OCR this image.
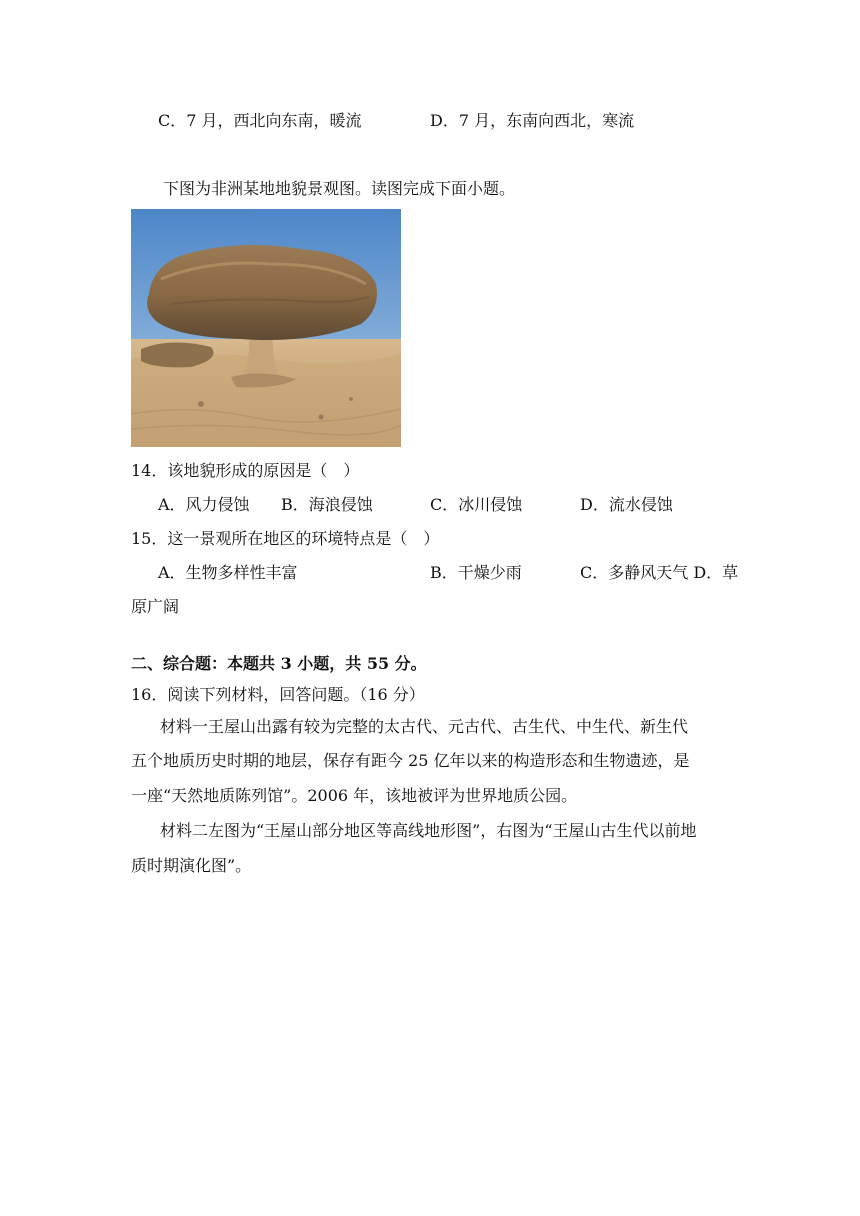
C．7 月，西北向东南，暖流	D．7 月，东南向西北，寒流
下图为非洲某地地貌景观图。读图完成下面小题。
14．该地貌形成的原因是（　）
A．风力侵蚀 B．海浪侵蚀	C．冰川侵蚀	D．流水侵蚀
15．这一景观所在地区的环境特点是（　）
A．生物多样性丰富	B．干燥少雨	C．多静风天气 D．草
原广阔
二、综合题：本题共 3 小题，共 55 分。
16．阅读下列材料，回答问题。（16 分）
材料一王屋山出露有较为完整的太古代、元古代、古生代、中生代、新生代
五个地质历史时期的地层，保存有距今 25 亿年以来的构造形态和生物遗迹，是
一座“天然地质陈列馆”。2006 年，该地被评为世界地质公园。
材料二左图为“王屋山部分地区等高线地形图”，右图为“王屋山古生代以前地
质时期演化图”。
